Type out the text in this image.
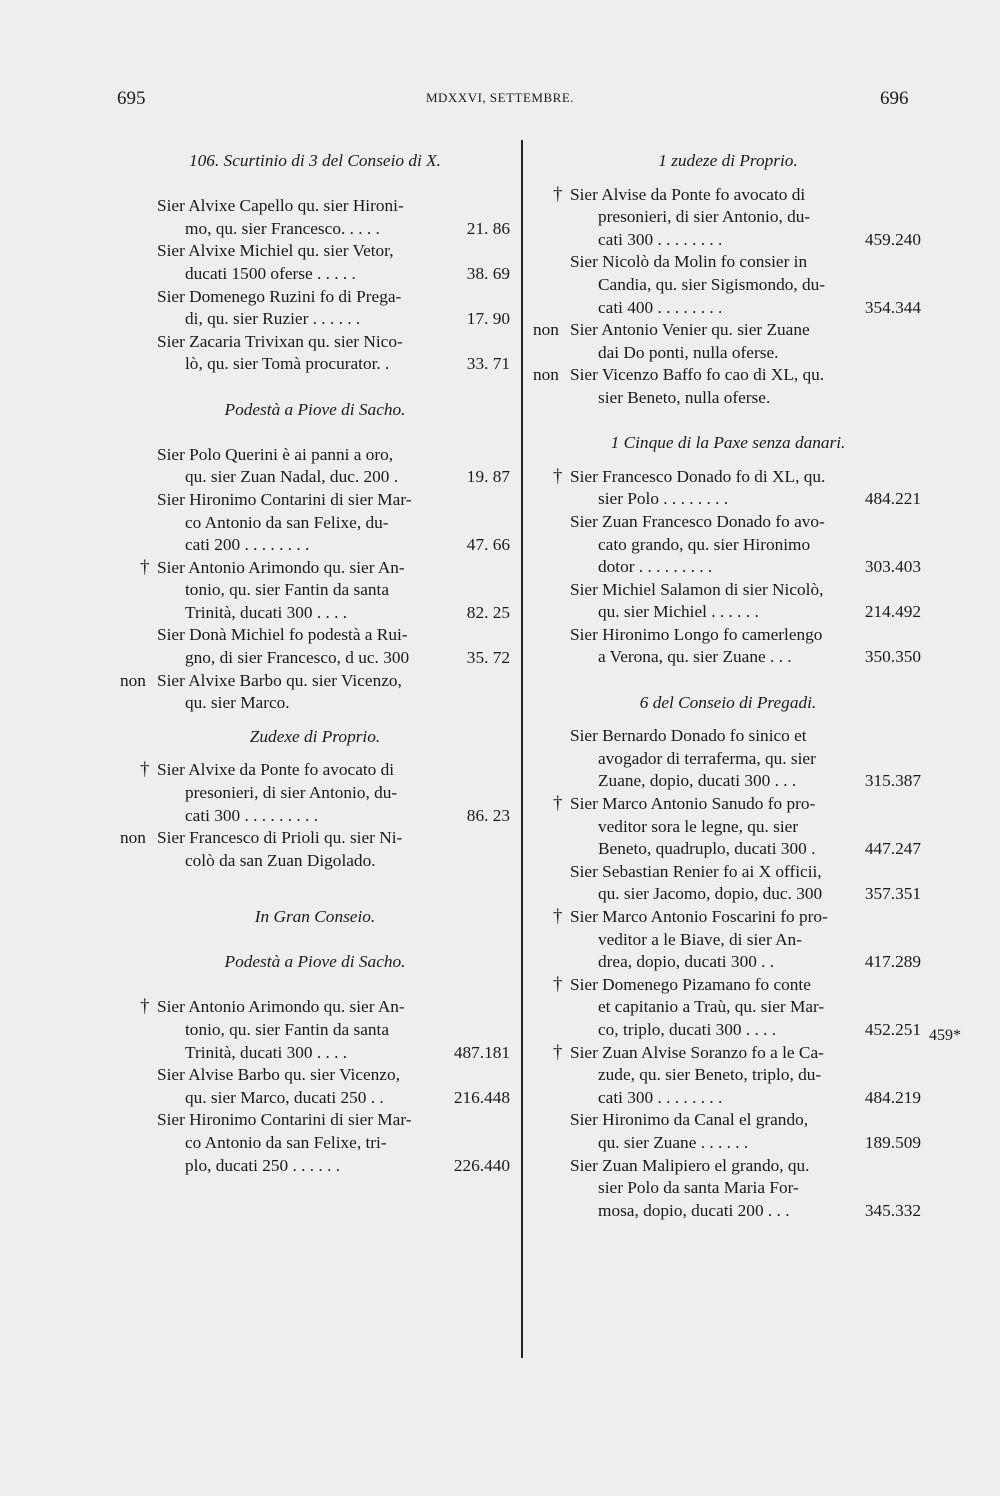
695	MDXXVI, SETTEMBRE.	696
106. Scurtinio di 3 del Conseio di X.
Sier Alvixe Capello qu. sier Hironi-
mo, qu. sier Francesco. . . . .	21. 86
Sier Alvixe Michiel qu. sier Vetor,
ducati 1500 oferse . . . . .	38. 69
Sier Domenego Ruzini fo di Prega-
di, qu. sier Ruzier . . . . . .	17. 90
Sier Zacaria Trivixan qu. sier Nico-
lò, qu. sier Tomà procurator. .	33. 71
Podestà a Piove di Sacho.
Sier Polo Querini è ai panni a oro,
qu. sier Zuan Nadal, duc. 200 .	19. 87
Sier Hironimo Contarini di sier Mar-
co Antonio da san Felixe, du-
cati 200 . . . . . . . .	47. 66
† Sier Antonio Arimondo qu. sier An-
tonio, qu. sier Fantin da santa
Trinità, ducati 300 . . . .	82. 25
Sier Donà Michiel fo podestà a Rui-
gno, di sier Francesco, d uc. 300	35. 72
non Sier Alvixe Barbo qu. sier Vicenzo,
qu. sier Marco.
Zudexe di Proprio.
† Sier Alvixe da Ponte fo avocato di
presonieri, di sier Antonio, du-
cati 300 . . . . . . . . .	86. 23
non Sier Francesco di Prioli qu. sier Ni-
colò da san Zuan Digolado.
In Gran Conseio.
Podestà a Piove di Sacho.
† Sier Antonio Arimondo qu. sier An-
tonio, qu. sier Fantin da santa
Trinità, ducati 300 . . . .	487.181
Sier Alvise Barbo qu. sier Vicenzo,
qu. sier Marco, ducati 250 . .	216.448
Sier Hironimo Contarini di sier Mar-
co Antonio da san Felixe, tri-
plo, ducati 250 . . . . . .	226.440
1 zudeze di Proprio.
† Sier Alvise da Ponte fo avocato di
presonieri, di sier Antonio, du-
cati 300 . . . . . . . .	459.240
Sier Nicolò da Molin fo consier in
Candia, qu. sier Sigismondo, du-
cati 400 . . . . . . . .	354.344
non Sier Antonio Venier qu. sier Zuane
dai Do ponti, nulla oferse.
non Sier Vicenzo Baffo fo cao di XL, qu.
sier Beneto, nulla oferse.
1 Cinque di la Paxe senza danari.
† Sier Francesco Donado fo di XL, qu.
sier Polo . . . . . . . .	484.221
Sier Zuan Francesco Donado fo avo-
cato grando, qu. sier Hironimo
dotor . . . . . . . . .	303.403
Sier Michiel Salamon di sier Nicolò,
qu. sier Michiel . . . . . .	214.492
Sier Hironimo Longo fo camerlengo
a Verona, qu. sier Zuane . . .	350.350
6 del Conseio di Pregadi.
Sier Bernardo Donado fo sinico et
avogador di terraferma, qu. sier
Zuane, dopio, ducati 300 . . .	315.387
† Sier Marco Antonio Sanudo fo pro-
veditor sora le legne, qu. sier
Beneto, quadruplo, ducati 300 .	447.247
Sier Sebastian Renier fo ai X officii,
qu. sier Jacomo, dopio, duc. 300 357.351
† Sier Marco Antonio Foscarini fo pro-
veditor a le Biave, di sier An-
drea, dopio, ducati 300 . .	417.289
† Sier Domenego Pizamano fo conte
et capitanio a Traù, qu. sier Mar-
co, triplo, ducati 300 . . . .	452.251
† Sier Zuan Alvise Soranzo fo a le Ca-
zude, qu. sier Beneto, triplo, du-
cati 300 . . . . . . . .	484.219
Sier Hironimo da Canal el grando,
qu. sier Zuane . . . . . .	189.509
Sier Zuan Malipiero el grando, qu.
sier Polo da santa Maria For-
mosa, dopio, ducati 200 . . .	345.332
459*
